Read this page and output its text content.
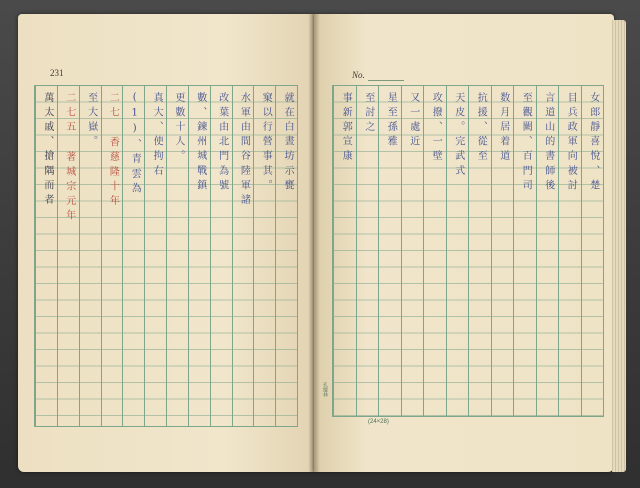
231	No.
就在白晝坊示甕
窠以行營事其。
水軍由間谷陸軍諸
改葉由北門為號
數、鍊州城戰鎮
更數十人。
真大、使拘右
(1)、青雲為
二七 香慈隆十年
至大嶽。
二七五 著城宗元年
萬太戚、搶隅而者	女郎靜喜悅、楚
目兵政軍向被討
言道山的書師後
至觀闕、百門司
数月居着道
抗援、從至
天皮。完武式
攻撥、一壁
又一處近
星至孫雅
至討之
事新郭宣康
(24×28)
孔慶林
